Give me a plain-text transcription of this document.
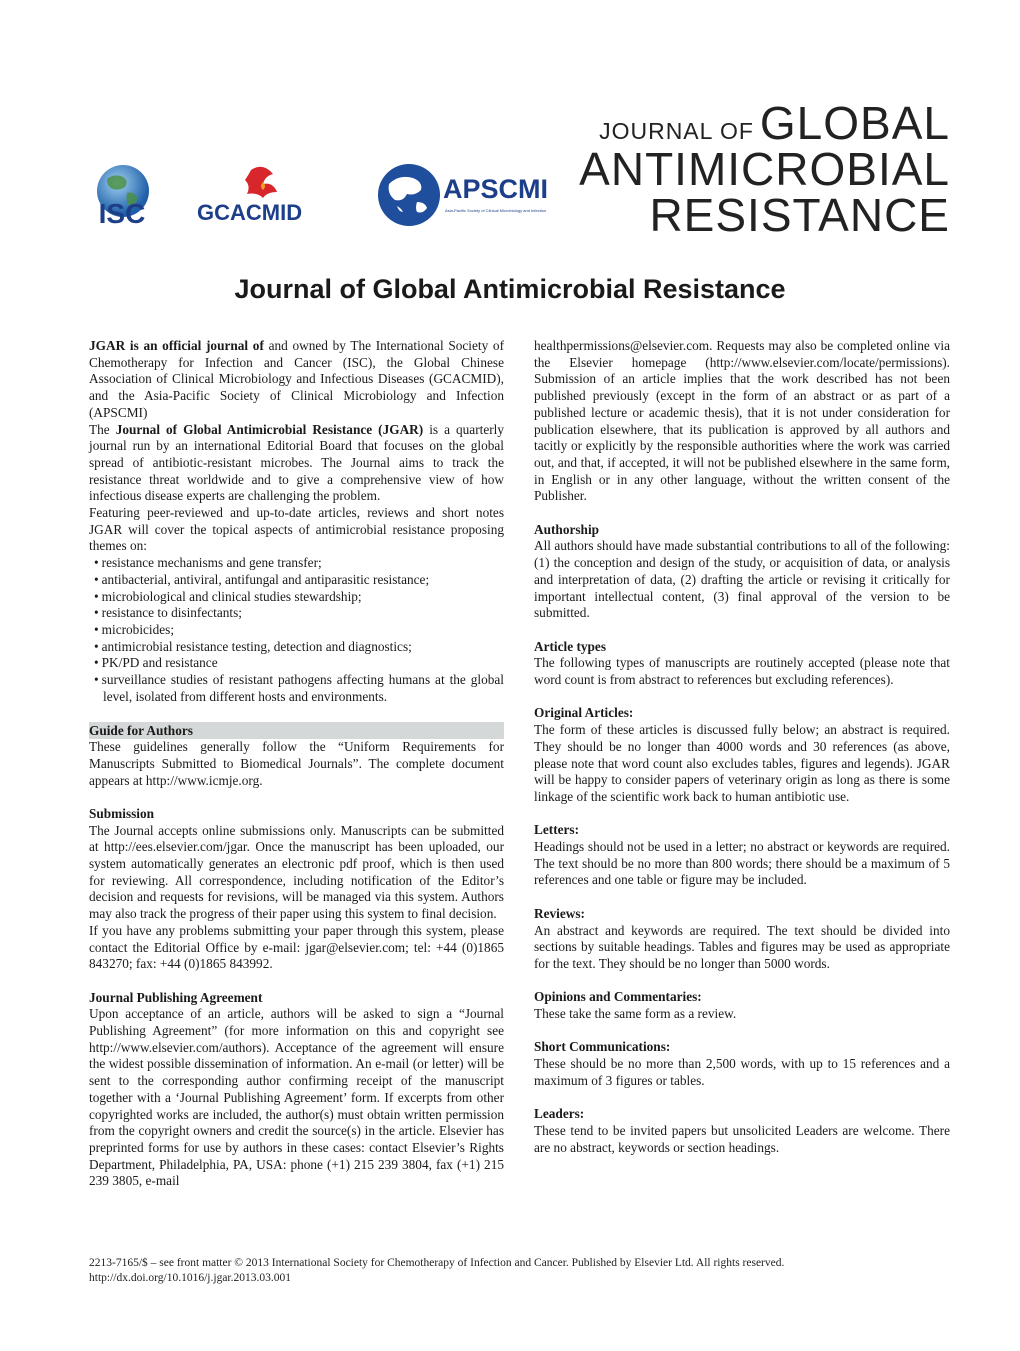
ISC GCACMID
APSCMI
Asia-Pacific Society of Clinical Microbiology and Infection
JOURNAL OF GLOBAL
ANTIMICROBIAL
RESISTANCE
Journal of Global Antimicrobial Resistance

JGAR is an official journal of and owned by The International Society of Chemotherapy for Infection and Cancer (ISC), the Global Chinese Association of Clinical Microbiology and Infectious Diseases (GCACMID), and the Asia-Pacific Society of Clinical Microbiology and Infection (APSCMI)

The Journal of Global Antimicrobial Resistance (JGAR) is a quarterly journal run by an international Editorial Board that focuses on the global spread of antibiotic-resistant microbes. The Journal aims to track the resistance threat worldwide and to give a comprehensive view of how infectious disease experts are challenging the problem.

Featuring peer-reviewed and up-to-date articles, reviews and short notes JGAR will cover the topical aspects of antimicrobial resistance proposing themes on:

• resistance mechanisms and gene transfer;
• antibacterial, antiviral, antifungal and antiparasitic resistance;
• microbiological and clinical studies stewardship;
• resistance to disinfectants;
• microbicides;
• antimicrobial resistance testing, detection and diagnostics;
• PK/PD and resistance
• surveillance studies of resistant pathogens affecting humans at the global level, isolated from different hosts and environments.
Guide for Authors

These guidelines generally follow the “Uniform Requirements for Manuscripts Submitted to Biomedical Journals”. The complete document appears at http://www.icmje.org.

Submission

The Journal accepts online submissions only. Manuscripts can be submitted at http://ees.elsevier.com/jgar. Once the manuscript has been uploaded, our system automatically generates an electronic pdf proof, which is then used for reviewing. All correspondence, including notification of the Editor’s decision and requests for revisions, will be managed via this system. Authors may also track the progress of their paper using this system to final decision.

If you have any problems submitting your paper through this system, please contact the Editorial Office by e-mail: jgar@elsevier.com; tel: +44 (0)1865 843270; fax: +44 (0)1865 843992.

Journal Publishing Agreement

Upon acceptance of an article, authors will be asked to sign a “Journal Publishing Agreement” (for more information on this and copyright see http://www.elsevier.com/authors). Acceptance of the agreement will ensure the widest possible dissemination of information. An e-mail (or letter) will be sent to the corresponding author confirming receipt of the manuscript together with a ‘Journal Publishing Agreement’ form. If excerpts from other copyrighted works are included, the author(s) must obtain written permission from the copyright owners and credit the source(s) in the article. Elsevier has preprinted forms for use by authors in these cases: contact Elsevier’s Rights Department, Philadelphia, PA, USA: phone (+1) 215 239 3804, fax (+1) 215 239 3805, e-mail

healthpermissions@elsevier.com. Requests may also be completed online via the Elsevier homepage (http://www.elsevier.com/locate/permissions). Submission of an article implies that the work described has not been published previously (except in the form of an abstract or as part of a published lecture or academic thesis), that it is not under consideration for publication elsewhere, that its publication is approved by all authors and tacitly or explicitly by the responsible authorities where the work was carried out, and that, if accepted, it will not be published elsewhere in the same form, in English or in any other language, without the written consent of the Publisher.

Authorship

All authors should have made substantial contributions to all of the following: (1) the conception and design of the study, or acquisition of data, or analysis and interpretation of data, (2) drafting the article or revising it critically for important intellectual content, (3) final approval of the version to be submitted.

Article types

The following types of manuscripts are routinely accepted (please note that word count is from abstract to references but excluding references).

Original Articles:

The form of these articles is discussed fully below; an abstract is required. They should be no longer than 4000 words and 30 references (as above, please note that word count also excludes tables, figures and legends). JGAR will be happy to consider papers of veterinary origin as long as there is some linkage of the scientific work back to human antibiotic use.

Letters:

Headings should not be used in a letter; no abstract or keywords are required. The text should be no more than 800 words; there should be a maximum of 5 references and one table or figure may be included.

Reviews:

An abstract and keywords are required. The text should be divided into sections by suitable headings. Tables and figures may be used as appropriate for the text. They should be no longer than 5000 words.

Opinions and Commentaries:

These take the same form as a review.

Short Communications:

These should be no more than 2,500 words, with up to 15 references and a maximum of 3 figures or tables.

Leaders:

These tend to be invited papers but unsolicited Leaders are welcome. There are no abstract, keywords or section headings.

2213-7165/$ – see front matter © 2013 International Society for Chemotherapy of Infection and Cancer. Published by Elsevier Ltd. All rights reserved.
http://dx.doi.org/10.1016/j.jgar.2013.03.001
